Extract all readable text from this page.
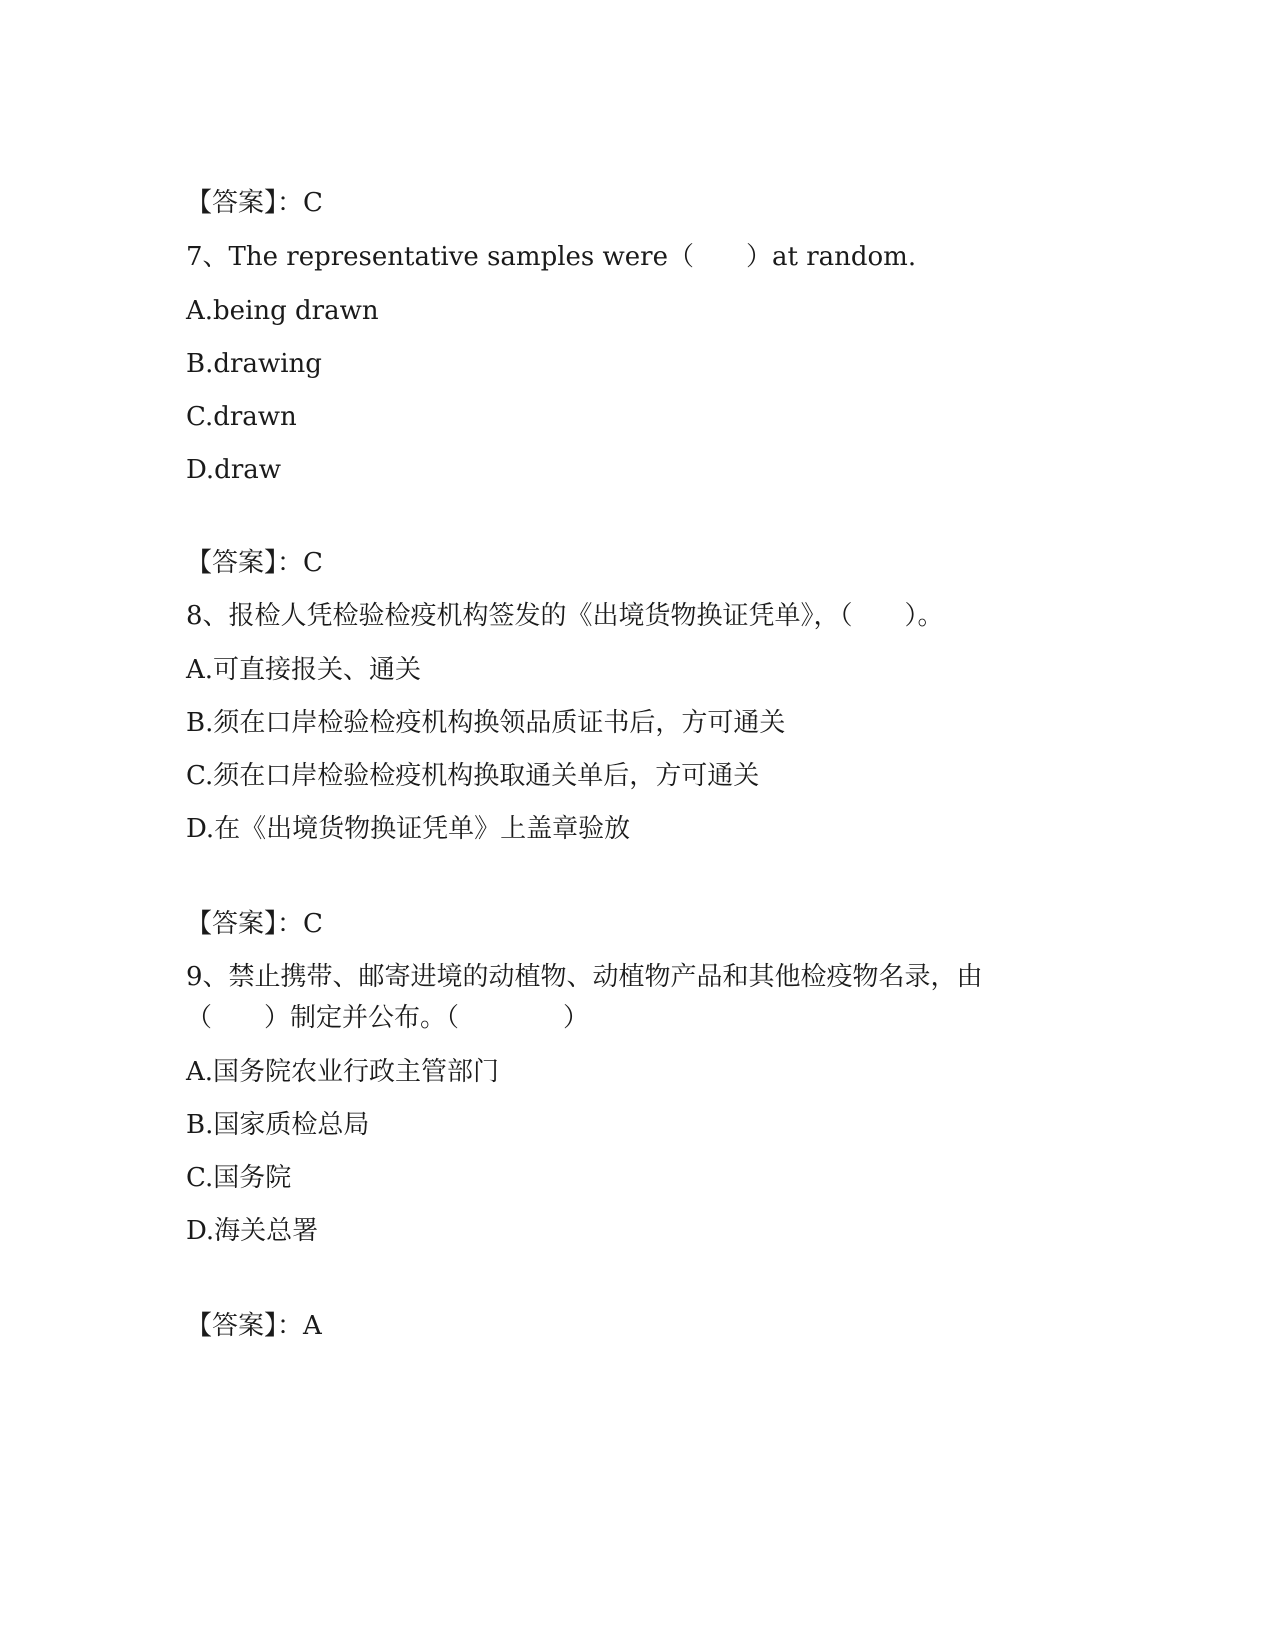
【答案】：C
7、The representative samples were（　　）at random.
A.being drawn
B.drawing
C.drawn
D.draw
【答案】：C
8、报检人凭检验检疫机构签发的《出境货物换证凭单》，（　　）。
A.可直接报关、通关
B.须在口岸检验检疫机构换领品质证书后，方可通关
C.须在口岸检验检疫机构换取通关单后，方可通关
D.在《出境货物换证凭单》上盖章验放
【答案】：C
9、禁止携带、邮寄进境的动植物、动植物产品和其他检疫物名录，由
（　　）制定并公布。（　　　　）
A.国务院农业行政主管部门
B.国家质检总局
C.国务院
D.海关总署
【答案】：A
